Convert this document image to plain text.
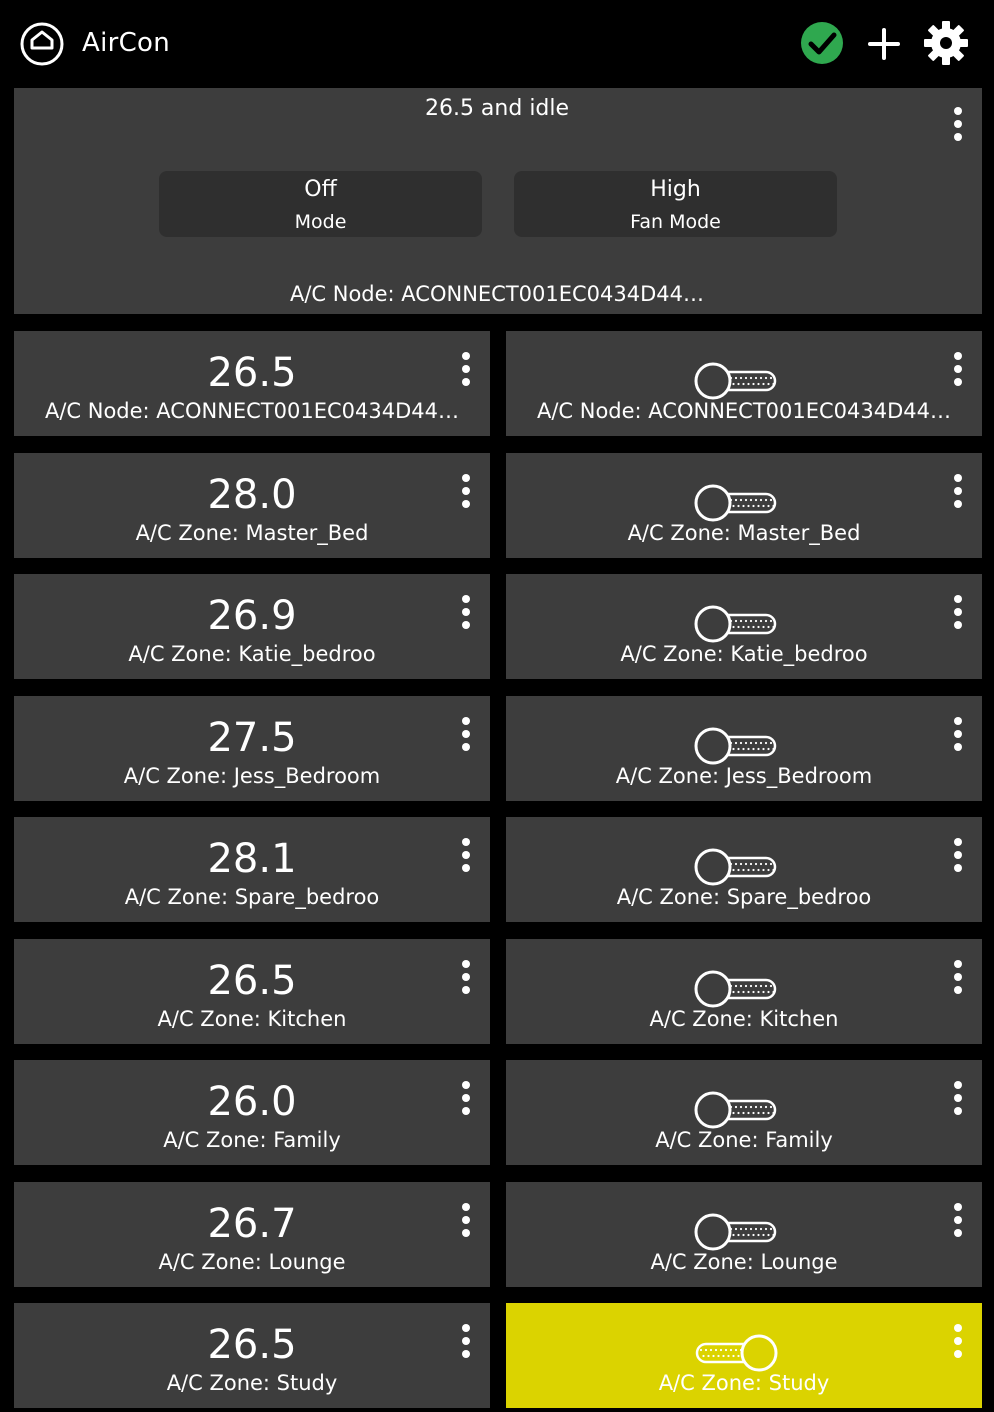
AirCon
26.5 and idle
Off
Mode
High
Fan Mode
A/C Node: ACONNECT001EC0434D44…
26.5
A/C Node: ACONNECT001EC0434D44…	A/C Node: ACONNECT001EC0434D44…
28.0
A/C Zone: Master_Bed	A/C Zone: Master_Bed
26.9
A/C Zone: Katie_bedroo	A/C Zone: Katie_bedroo
27.5
A/C Zone: Jess_Bedroom	A/C Zone: Jess_Bedroom
28.1
A/C Zone: Spare_bedroo	A/C Zone: Spare_bedroo
26.5
A/C Zone: Kitchen	A/C Zone: Kitchen
26.0
A/C Zone: Family	A/C Zone: Family
26.7
A/C Zone: Lounge	A/C Zone: Lounge
26.5
A/C Zone: Study	A/C Zone: Study
